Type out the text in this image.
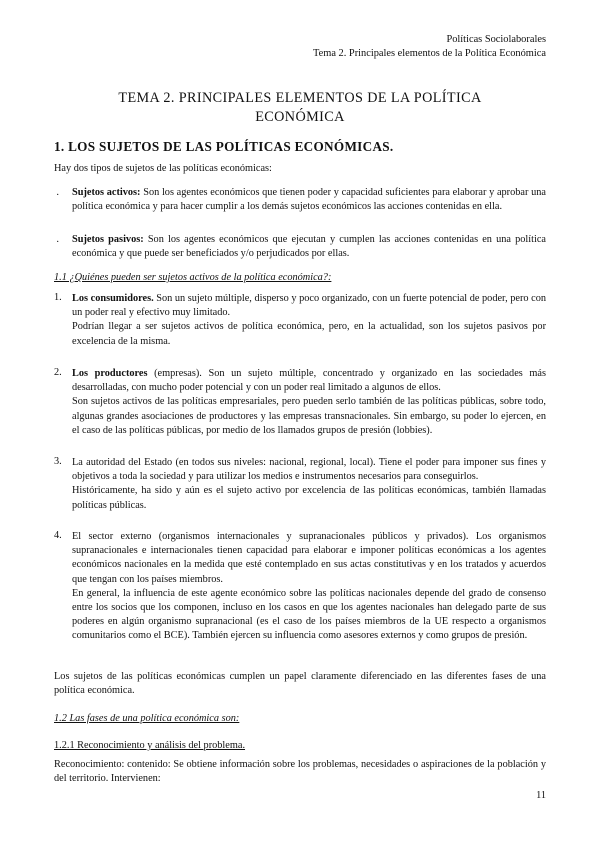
Políticas Sociolaborales
Tema 2. Principales elementos de la Política Económica
TEMA 2. PRINCIPALES ELEMENTOS DE LA POLÍTICA
ECONÓMICA
1. LOS SUJETOS DE LAS POLÍTICAS ECONÓMICAS.
Hay dos tipos de sujetos de las políticas económicas:
· Sujetos activos: Son los agentes económicos que tienen poder y capacidad suficientes para elaborar y aprobar una política económica y para hacer cumplir a los demás sujetos económicos las acciones contenidas en ella.
· Sujetos pasivos: Son los agentes económicos que ejecutan y cumplen las acciones contenidas en una política económica y que puede ser beneficiados y/o perjudicados por ellas.
1.1 ¿Quiénes pueden ser sujetos activos de la política económica?:
1. Los consumidores. Son un sujeto múltiple, disperso y poco organizado, con un fuerte potencial de poder, pero con un poder real y efectivo muy limitado.
Podrían llegar a ser sujetos activos de política económica, pero, en la actualidad, son los sujetos pasivos por excelencia de la misma.
2. Los productores (empresas). Son un sujeto múltiple, concentrado y organizado en las sociedades más desarrolladas, con mucho poder potencial y con un poder real limitado a algunos de ellos.
Son sujetos activos de las políticas empresariales, pero pueden serlo también de las políticas públicas, sobre todo, algunas grandes asociaciones de productores y las empresas transnacionales. Sin embargo, su poder lo ejercen, en el caso de las políticas públicas, por medio de los llamados grupos de presión (lobbies).
3. La autoridad del Estado (en todos sus niveles: nacional, regional, local). Tiene el poder para imponer sus fines y objetivos a toda la sociedad y para utilizar los medios e instrumentos necesarios para conseguirlos.
Históricamente, ha sido y aún es el sujeto activo por excelencia de las políticas económicas, también llamadas políticas públicas.
4. El sector externo (organismos internacionales y supranacionales públicos y privados). Los organismos supranacionales e internacionales tienen capacidad para elaborar e imponer políticas económicas a los agentes económicos nacionales en la medida que esté contemplado en sus actas constitutivas y en los tratados y acuerdos que tengan con los países miembros.
En general, la influencia de este agente económico sobre las políticas nacionales depende del grado de consenso entre los socios que los componen, incluso en los casos en que los agentes nacionales han delegado parte de sus poderes en algún organismo supranacional (es el caso de los países miembros de la UE respecto a organismos comunitarios como el BCE). También ejercen su influencia como asesores externos y como grupos de presión.
Los sujetos de las políticas económicas cumplen un papel claramente diferenciado en las diferentes fases de una política económica.
1.2 Las fases de una política económica son:
1.2.1 Reconocimiento y análisis del problema.
Reconocimiento: contenido: Se obtiene información sobre los problemas, necesidades o aspiraciones de la población y del territorio. Intervienen:
11
